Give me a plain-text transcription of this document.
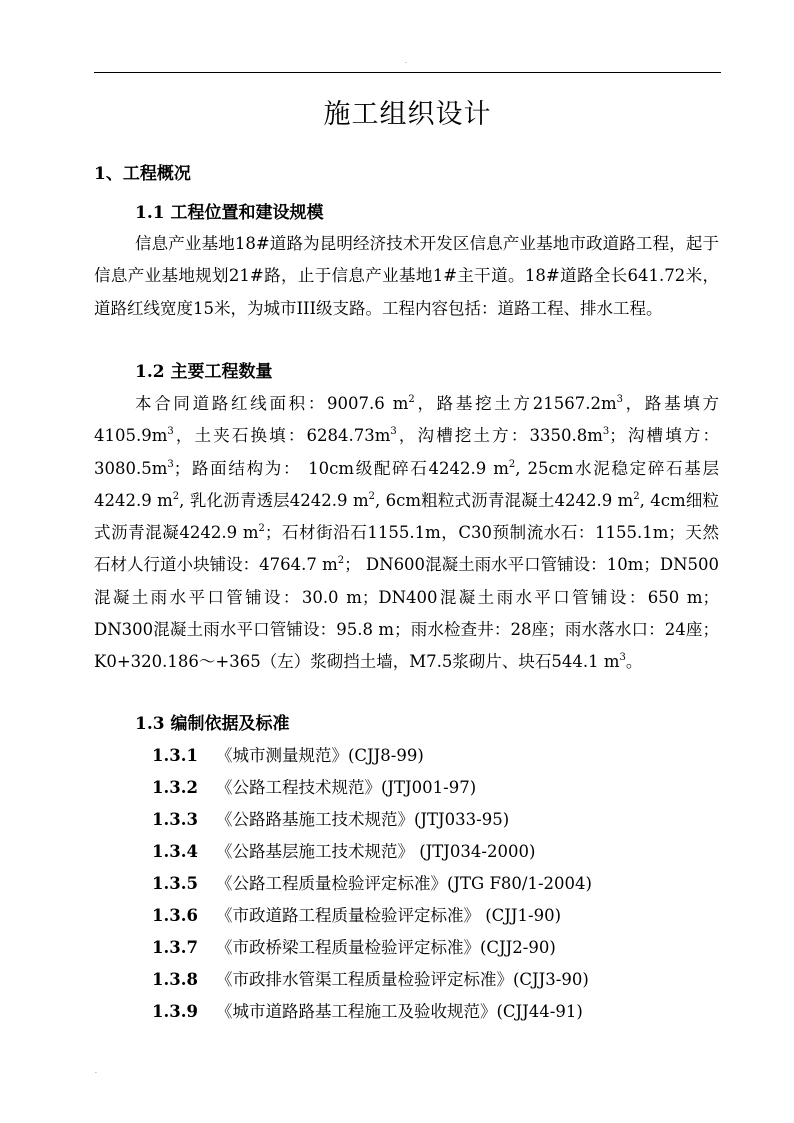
·
施工组织设计
1、工程概况
1.1 工程位置和建设规模
信息产业基地18#道路为昆明经济技术开发区信息产业基地市政道路工程，起于信息产业基地规划21#路，止于信息产业基地1#主干道。18#道路全长641.72米，道路红线宽度15米，为城市III级支路。工程内容包括：道路工程、排水工程。
1.2 主要工程数量
本合同道路红线面积：9007.6 $m^2$，路基挖土方$21567.2m^3$，路基填方$4105.9m^3$，土夹石换填：$6284.73m^3$，沟槽挖土方：$3350.8m^3$；沟槽填方：$3080.5m^3$；路面结构为： 10cm级配碎石4242.9 $m^2$, 25cm水泥稳定碎石基层4242.9 $m^2$, 乳化沥青透层4242.9 $m^2$, 6cm粗粒式沥青混凝土4242.9 $m^2$, 4cm细粒式沥青混凝4242.9 $m^2$；石材街沿石1155.1m，C30预制流水石：1155.1m；天然石材人行道小块铺设：4764.7 $m^2$； DN600混凝土雨水平口管铺设：10m；DN500混凝土雨水平口管铺设：30.0 m；DN400混凝土雨水平口管铺设：650 m； DN300混凝土雨水平口管铺设：95.8 m；雨水检查井：28座；雨水落水口：24座；K0+320.186～+365（左）浆砌挡土墙，M7.5浆砌片、块石544.1 $m^3$。
1.3 编制依据及标准
1.3.1 《城市测量规范》(CJJ8-99)
1.3.2 《公路工程技术规范》(JTJ001-97)
1.3.3 《公路路基施工技术规范》(JTJ033-95)
1.3.4 《公路基层施工技术规范》 (JTJ034-2000)
1.3.5 《公路工程质量检验评定标准》(JTG F80/1-2004)
1.3.6 《市政道路工程质量检验评定标准》 (CJJ1-90)
1.3.7 《市政桥梁工程质量检验评定标准》(CJJ2-90)
1.3.8 《市政排水管渠工程质量检验评定标准》(CJJ3-90)
1.3.9 《城市道路路基工程施工及验收规范》(CJJ44-91)
·
